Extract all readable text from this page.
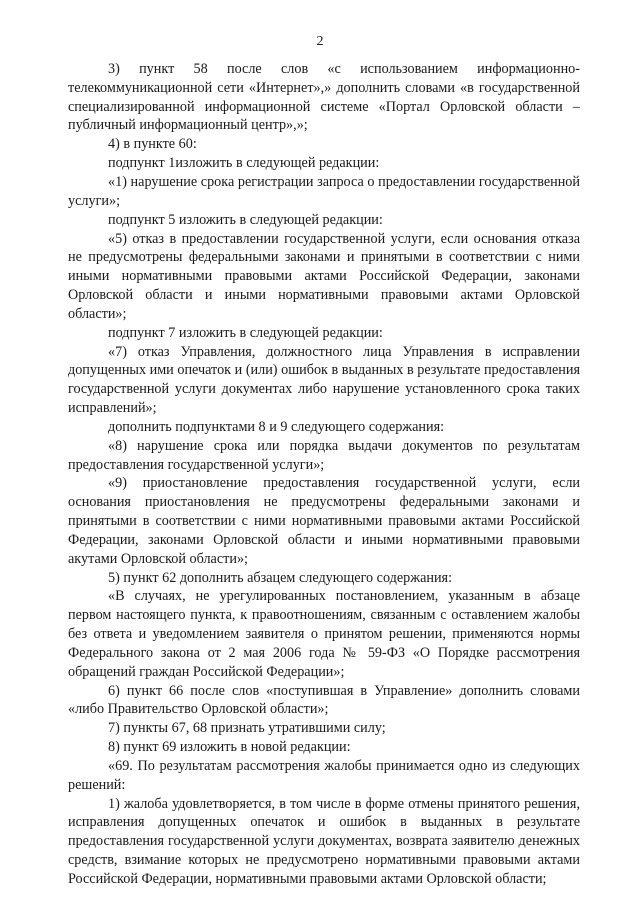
2

3) пункт 58 после слов «с использованием информационно-телекоммуникационной сети «Интернет»,» дополнить словами «в государственной специализированной информационной системе «Портал Орловской области – публичный информационный центр»,»;

4) в пункте 60:

подпункт 1изложить в следующей редакции:

«1) нарушение срока регистрации запроса о предоставлении государственной услуги»;

подпункт 5 изложить в следующей редакции:

«5) отказ в предоставлении государственной услуги, если основания отказа не предусмотрены федеральными законами и принятыми в соответствии с ними иными нормативными правовыми актами Российской Федерации, законами Орловской области и иными нормативными правовыми актами Орловской области»;

подпункт 7 изложить в следующей редакции:

«7) отказ Управления, должностного лица Управления в исправлении допущенных ими опечаток и (или) ошибок в выданных в результате предоставления государственной услуги документах либо нарушение установленного срока таких исправлений»;

дополнить подпунктами 8 и 9 следующего содержания:

«8) нарушение срока или порядка выдачи документов по результатам предоставления государственной услуги»;

«9) приостановление предоставления государственной услуги, если основания приостановления не предусмотрены федеральными законами и принятыми в соответствии с ними нормативными правовыми актами Российской Федерации, законами Орловской области и иными нормативными правовыми акутами Орловской области»;

5) пункт 62 дополнить абзацем следующего содержания:

«В случаях, не урегулированных постановлением, указанным в абзаце первом настоящего пункта, к правоотношениям, связанным с оставлением жалобы без ответа и уведомлением заявителя о принятом решении, применяются нормы Федерального закона от 2 мая 2006 года № 59-ФЗ «О Порядке рассмотрения обращений граждан Российской Федерации»;

6) пункт 66 после слов «поступившая в Управление» дополнить словами «либо Правительство Орловской области»;

7) пункты 67, 68 признать утратившими силу;

8) пункт 69 изложить в новой редакции:

«69. По результатам рассмотрения жалобы принимается одно из следующих решений:

1) жалоба удовлетворяется, в том числе в форме отмены принятого решения, исправления допущенных опечаток и ошибок в выданных в результате предоставления государственной услуги документах, возврата заявителю денежных средств, взимание которых не предусмотрено нормативными правовыми актами Российской Федерации, нормативными правовыми актами Орловской области;
